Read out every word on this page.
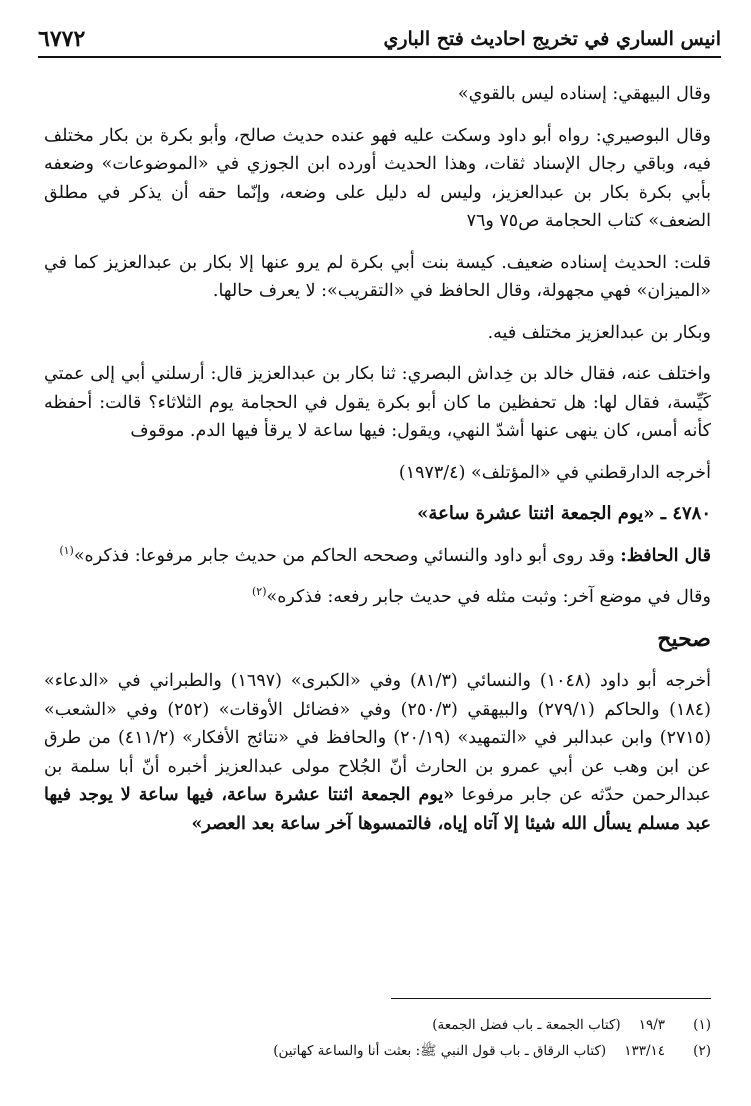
انيس الساري في تخريج احاديث فتح الباري
٦٧٧٢

وقال البيهقي: إسناده ليس بالقوي»

وقال البوصيري: رواه أبو داود وسكت عليه فهو عنده حديث صالح، وأبو بكرة بن بكار مختلف فيه، وباقي رجال الإسناد ثقات، وهذا الحديث أورده ابن الجوزي في «الموضوعات» وضعفه بأبي بكرة بكار بن عبدالعزيز، وليس له دليل على وضعه، وإنّما حقه أن يذكر في مطلق الضعف» كتاب الحجامة ص٧٥ و٧٦

قلت: الحديث إسناده ضعيف. كيسة بنت أبي بكرة لم يرو عنها إلا بكار بن عبدالعزيز كما في «الميزان» فهي مجهولة، وقال الحافظ في «التقريب»: لا يعرف حالها.

وبكار بن عبدالعزيز مختلف فيه.

واختلف عنه، فقال خالد بن خِداش البصري: ثنا بكار بن عبدالعزيز قال: أرسلني أبي إلى عمتي كَيِّسة، فقال لها: هل تحفظين ما كان أبو بكرة يقول في الحجامة يوم الثلاثاء؟ قالت: أحفظه كأنه أمس، كان ينهى عنها أشدّ النهي، ويقول: فيها ساعة لا يرقأ فيها الدم. موقوف

أخرجه الدارقطني في «المؤتلف» (١٩٧٣/٤)

٤٧٨٠ ـ «يوم الجمعة اثنتا عشرة ساعة»

قال الحافظ: وقد روى أبو داود والنسائي وصححه الحاكم من حديث جابر مرفوعا: فذكره»$^{(١)}$

وقال في موضع آخر: وثبت مثله في حديث جابر رفعه: فذكره»$^{(٢)}$

صحيح

أخرجه أبو داود (١٠٤٨) والنسائي (٨١/٣) وفي «الكبرى» (١٦٩٧) والطبراني في «الدعاء» (١٨٤) والحاكم (٢٧٩/١) والبيهقي (٢٥٠/٣) وفي «فضائل الأوقات» (٢٥٢) وفي «الشعب» (٢٧١٥) وابن عبدالبر في «التمهيد» (٢٠/١٩) والحافظ في «نتائج الأفكار» (٤١١/٢) من طرق عن ابن وهب عن أبي عمرو بن الحارث أنّ الجُلاح مولى عبدالعزيز أخبره أنّ أبا سلمة بن عبدالرحمن حدّثه عن جابر مرفوعا «يوم الجمعة اثنتا عشرة ساعة، فيها ساعة لا يوجد فيها عبد مسلم يسأل الله شيئا إلا آتاه إياه، فالتمسوها آخر ساعة بعد العصر»

(١)
١٩/٣
(كتاب الجمعة ـ باب فضل الجمعة)
(٢)
١٣٣/١٤
(كتاب الرقاق ـ باب قول النبي ﷺ: بعثت أنا والساعة كهاتين)
